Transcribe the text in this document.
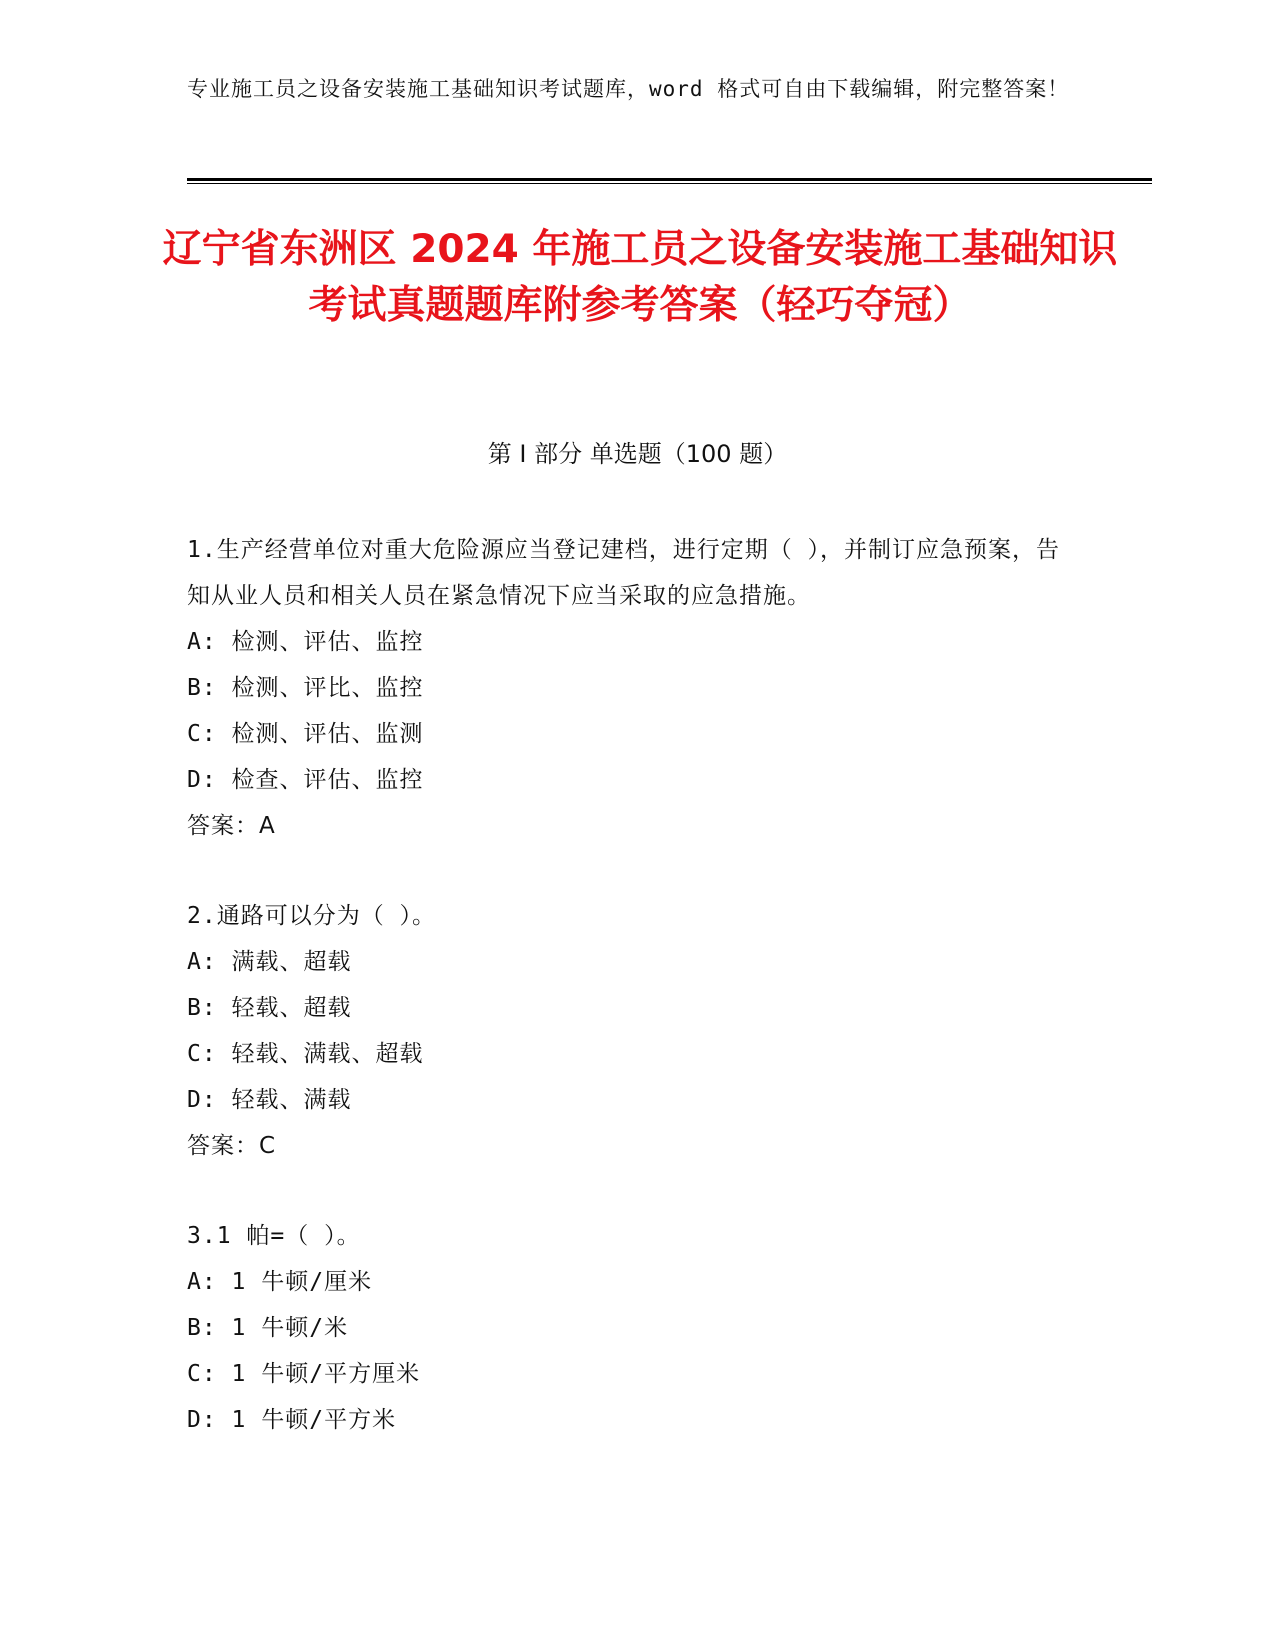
专业施工员之设备安装施工基础知识考试题库，word 格式可自由下载编辑，附完整答案！
辽宁省东洲区 2024 年施工员之设备安装施工基础知识考试真题题库附参考答案（轻巧夺冠）
第 I 部分 单选题（100 题）
1.生产经营单位对重大危险源应当登记建档，进行定期（ ），并制订应急预案，告知从业人员和相关人员在紧急情况下应当采取的应急措施。
A: 检测、评估、监控
B: 检测、评比、监控
C: 检测、评估、监测
D: 检查、评估、监控
答案：A
2.通路可以分为（ ）。
A: 满载、超载
B: 轻载、超载
C: 轻载、满载、超载
D: 轻载、满载
答案：C
3.1 帕=（ ）。
A: 1 牛顿/厘米
B: 1 牛顿/米
C: 1 牛顿/平方厘米
D: 1 牛顿/平方米
